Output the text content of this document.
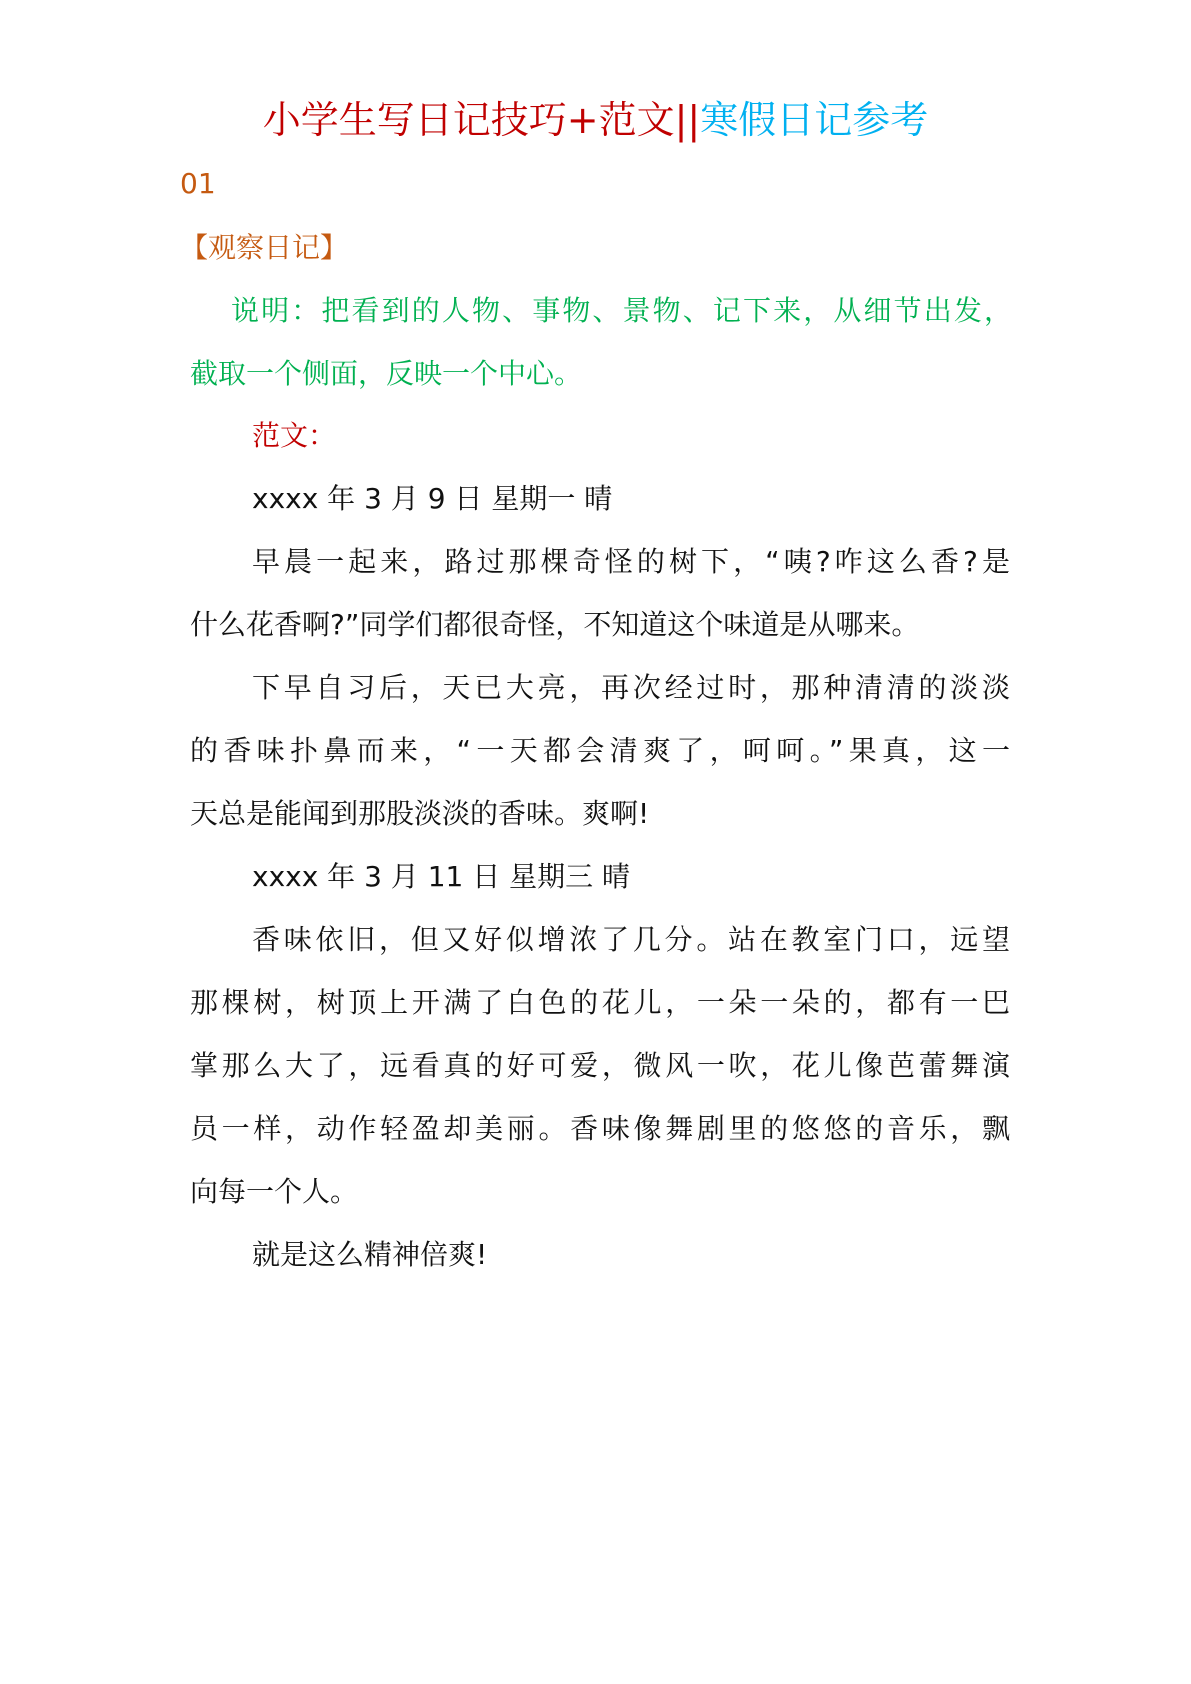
小学生写日记技巧+范文||寒假日记参考
01
【观察日记】
说明：把看到的人物、事物、景物、记下来，从细节出发，
截取一个侧面，反映一个中心。
范文：
xxxx 年 3 月 9 日 星期一 晴
早晨一起来，路过那棵奇怪的树下，“咦?咋这么香?是
什么花香啊?”同学们都很奇怪，不知道这个味道是从哪来。
下早自习后，天已大亮，再次经过时，那种清清的淡淡
的香味扑鼻而来，“一天都会清爽了，呵呵。”果真，这一
天总是能闻到那股淡淡的香味。爽啊!
xxxx 年 3 月 11 日 星期三 晴
香味依旧，但又好似增浓了几分。站在教室门口，远望
那棵树，树顶上开满了白色的花儿，一朵一朵的，都有一巴
掌那么大了，远看真的好可爱，微风一吹，花儿像芭蕾舞演
员一样，动作轻盈却美丽。香味像舞剧里的悠悠的音乐，飘
向每一个人。
就是这么精神倍爽!
